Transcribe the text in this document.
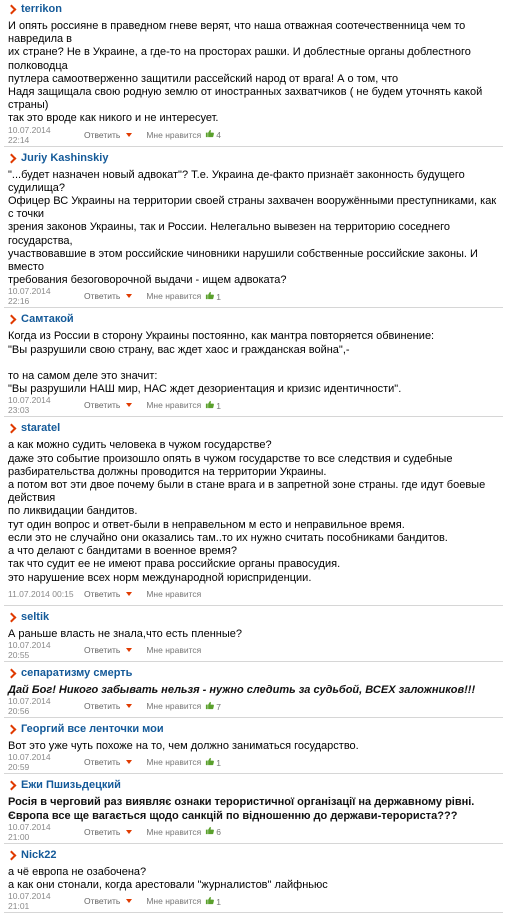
terrikon

И опять россияне в праведном гневе верят, что наша отважная соотечественница чем то навредила в

их стране? Не в Украине, а где-то на просторах рашки. И доблестные органы доблестного полководца

путлера самоотверженно защитили рассейский народ от врага! А о том, что

Надя защищала свою родную землю от иностранных захватчиков ( не будем уточнять какой страны)

так это вроде как никого и не интересует.

10.07.2014 22:14	Ответить	Мне нравится	4
Juriy Kashinskiy

"...будет назначен новый адвокат"? Т.е. Украина де-факто признаёт законность будущего судилища?

Офицер ВС Украины на территории своей страны захвачен вооружёнными преступниками, как с точки

зрения законов Украины, так и России. Нелегально вывезен на территорию соседнего государства,

участвовавшие в этом российские чиновники нарушили собственные российские законы. И вместо

требования безоговорочной выдачи - ищем адвоката?

10.07.2014 22:16	Ответить	Мне нравится	1
Самтакой

Когда из России в сторону Украины постоянно, как мантра повторяется обвинение:

"Вы разрушили свою страну, вас ждет хаос и гражданская война",-

то на самом деле это значит:

"Вы разрушили НАШ мир, НАС ждет дезориентация и кризис идентичности".

10.07.2014 23:03	Ответить	Мне нравится	1
staratel

а как можно судить человека в чужом государстве?

даже это событие произошло опять в чужом государстве то все следствия и судебные

разбирательства должны проводится на территории Украины.

а потом вот эти двое почему были в стане врага и в запретной зоне страны. где идут боевые действия

по ликвидации бандитов.

тут один вопрос и ответ-были в неправельном м есто и неправильное время.

если это не случайно они оказались там..то их нужно считать пособниками бандитов.

а что делают с бандитами в военное время?

так что судит ее не имеют права российские органы правосудия.

это нарушение всех норм международной юрисприденции.

11.07.2014 00:15 Ответить	Мне нравится
seltik

А раньше власть не знала,что есть пленные?

10.07.2014 20:55	Ответить	Мне нравится
сепаратизму смерть

Дай Бог! Никого забывать нельзя - нужно следить за судьбой, ВСЕХ заложников!!!

10.07.2014 20:56	Ответить	Мне нравится	7
Георгий все ленточки мои

Вот это уже чуть похоже на то, чем должно заниматься государство.

10.07.2014 20:59	Ответить	Мне нравится	1
Ежи Пшизьдецкий

Росія в черговий раз виявляє ознаки терористичної організації на державному рівні.

Європа все ще вагається щодо санкцій по відношенню до держави-терориста???

10.07.2014 21:00	Ответить	Мне нравится	6
Nick22

а чё европа не озабочена?

а как они стонали, когда арестовали "журналистов" лайфньюс

10.07.2014 21:01	Ответить	Мне нравится	1
